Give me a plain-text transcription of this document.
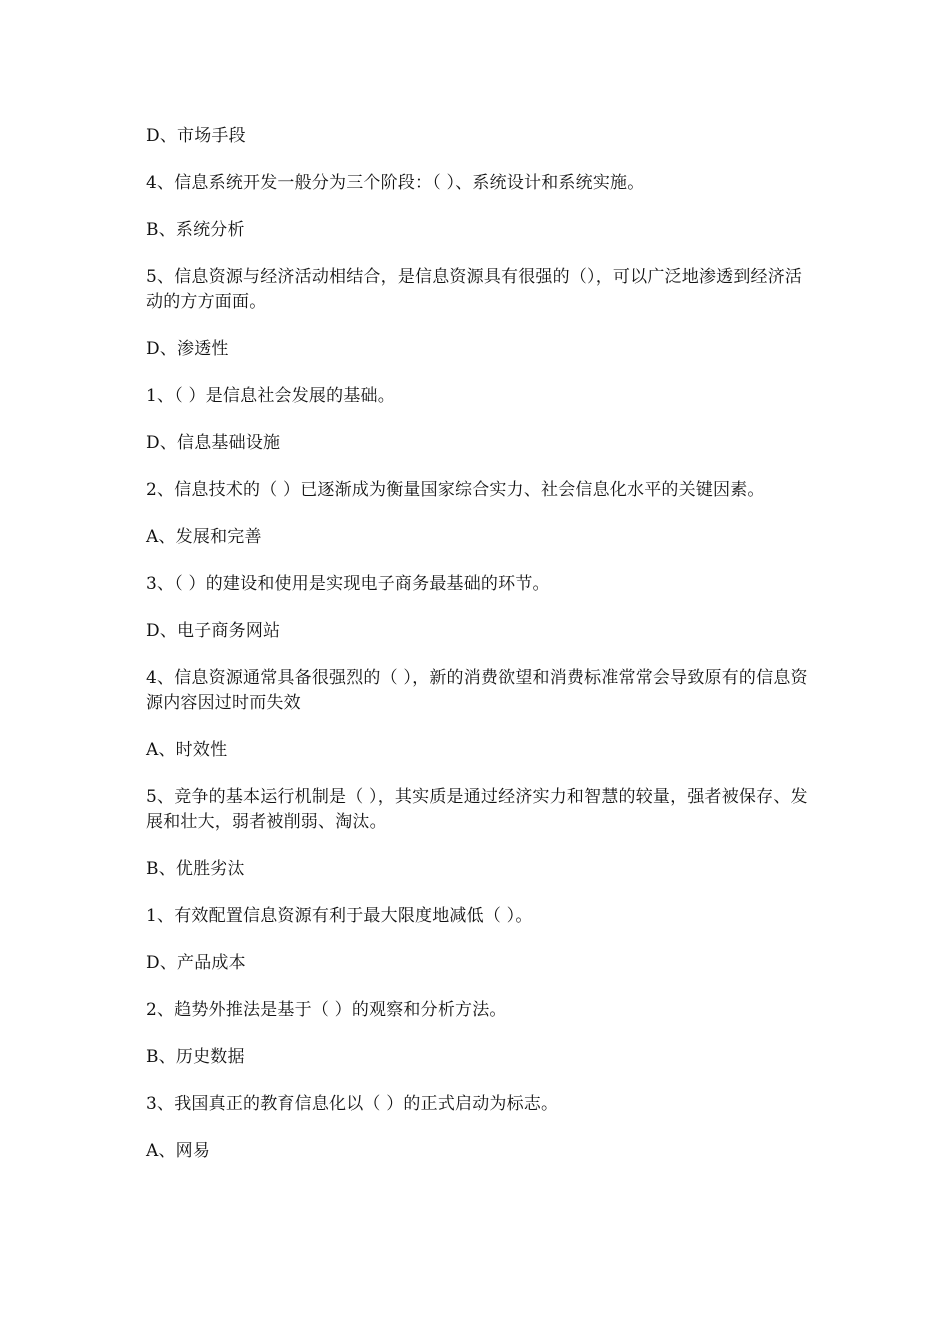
D、市场手段

4、信息系统开发一般分为三个阶段：（ ）、系统设计和系统实施。

B、系统分析

5、信息资源与经济活动相结合，是信息资源具有很强的（），可以广泛地渗透到经济活动的方方面面。

D、渗透性

1、（ ）是信息社会发展的基础。

D、信息基础设施

2、信息技术的（ ）已逐渐成为衡量国家综合实力、社会信息化水平的关键因素。

A、发展和完善

3、（ ）的建设和使用是实现电子商务最基础的环节。

D、电子商务网站

4、信息资源通常具备很强烈的（ ），新的消费欲望和消费标准常常会导致原有的信息资源内容因过时而失效

A、时效性

5、竞争的基本运行机制是（ ），其实质是通过经济实力和智慧的较量，强者被保存、发展和壮大，弱者被削弱、淘汰。

B、优胜劣汰

1、有效配置信息资源有利于最大限度地减低（ ）。

D、产品成本

2、趋势外推法是基于（ ）的观察和分析方法。

B、历史数据

3、我国真正的教育信息化以（ ）的正式启动为标志。

A、网易
